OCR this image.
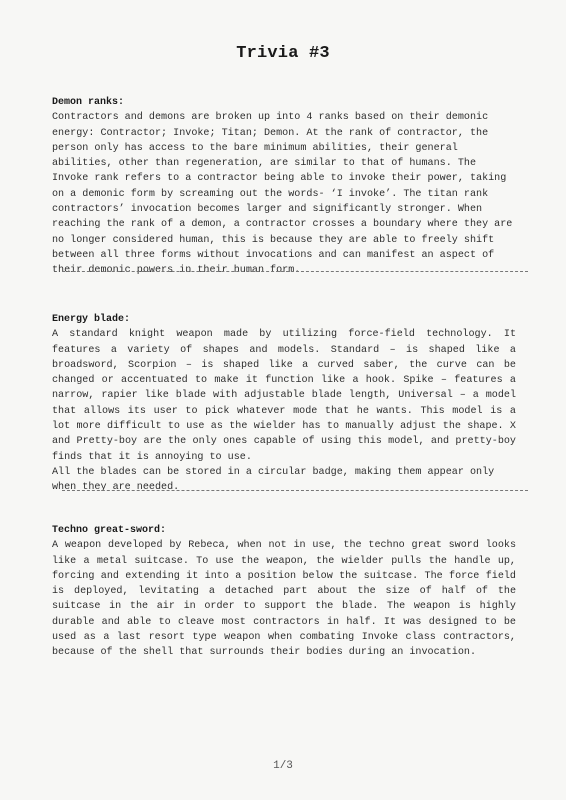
Trivia #3
Demon ranks:

Contractors and demons are broken up into 4 ranks based on their demonic energy: Contractor; Invoke; Titan; Demon. At the rank of contractor, the person only has access to the bare minimum abilities, their general abilities, other than regeneration, are similar to that of humans. The Invoke rank refers to a contractor being able to invoke their power, taking on a demonic form by screaming out the words- ‘I invoke’. The titan rank contractors’ invocation becomes larger and significantly stronger. When reaching the rank of a demon, a contractor crosses a boundary where they are no longer considered human, this is because they are able to freely shift between all three forms without invocations and can manifest an aspect of their demonic powers in their human form.

Energy blade:

A standard knight weapon made by utilizing force-field technology. It features a variety of shapes and models. Standard – is shaped like a broadsword, Scorpion – is shaped like a curved saber, the curve can be changed or accentuated to make it function like a hook. Spike – features a narrow, rapier like blade with adjustable blade length, Universal – a model that allows its user to pick whatever mode that he wants. This model is a lot more difficult to use as the wielder has to manually adjust the shape. X and Pretty-boy are the only ones capable of using this model, and pretty-boy finds that it is annoying to use.

All the blades can be stored in a circular badge, making them appear only when they are needed.

Techno great-sword:

A weapon developed by Rebeca, when not in use, the techno great sword looks like a metal suitcase. To use the weapon, the wielder pulls the handle up, forcing and extending it into a position below the suitcase. The force field is deployed, levitating a detached part about the size of half of the suitcase in the air in order to support the blade. The weapon is highly durable and able to cleave most contractors in half. It was designed to be used as a last resort type weapon when combating Invoke class contractors, because of the shell that surrounds their bodies during an invocation.

1/3
